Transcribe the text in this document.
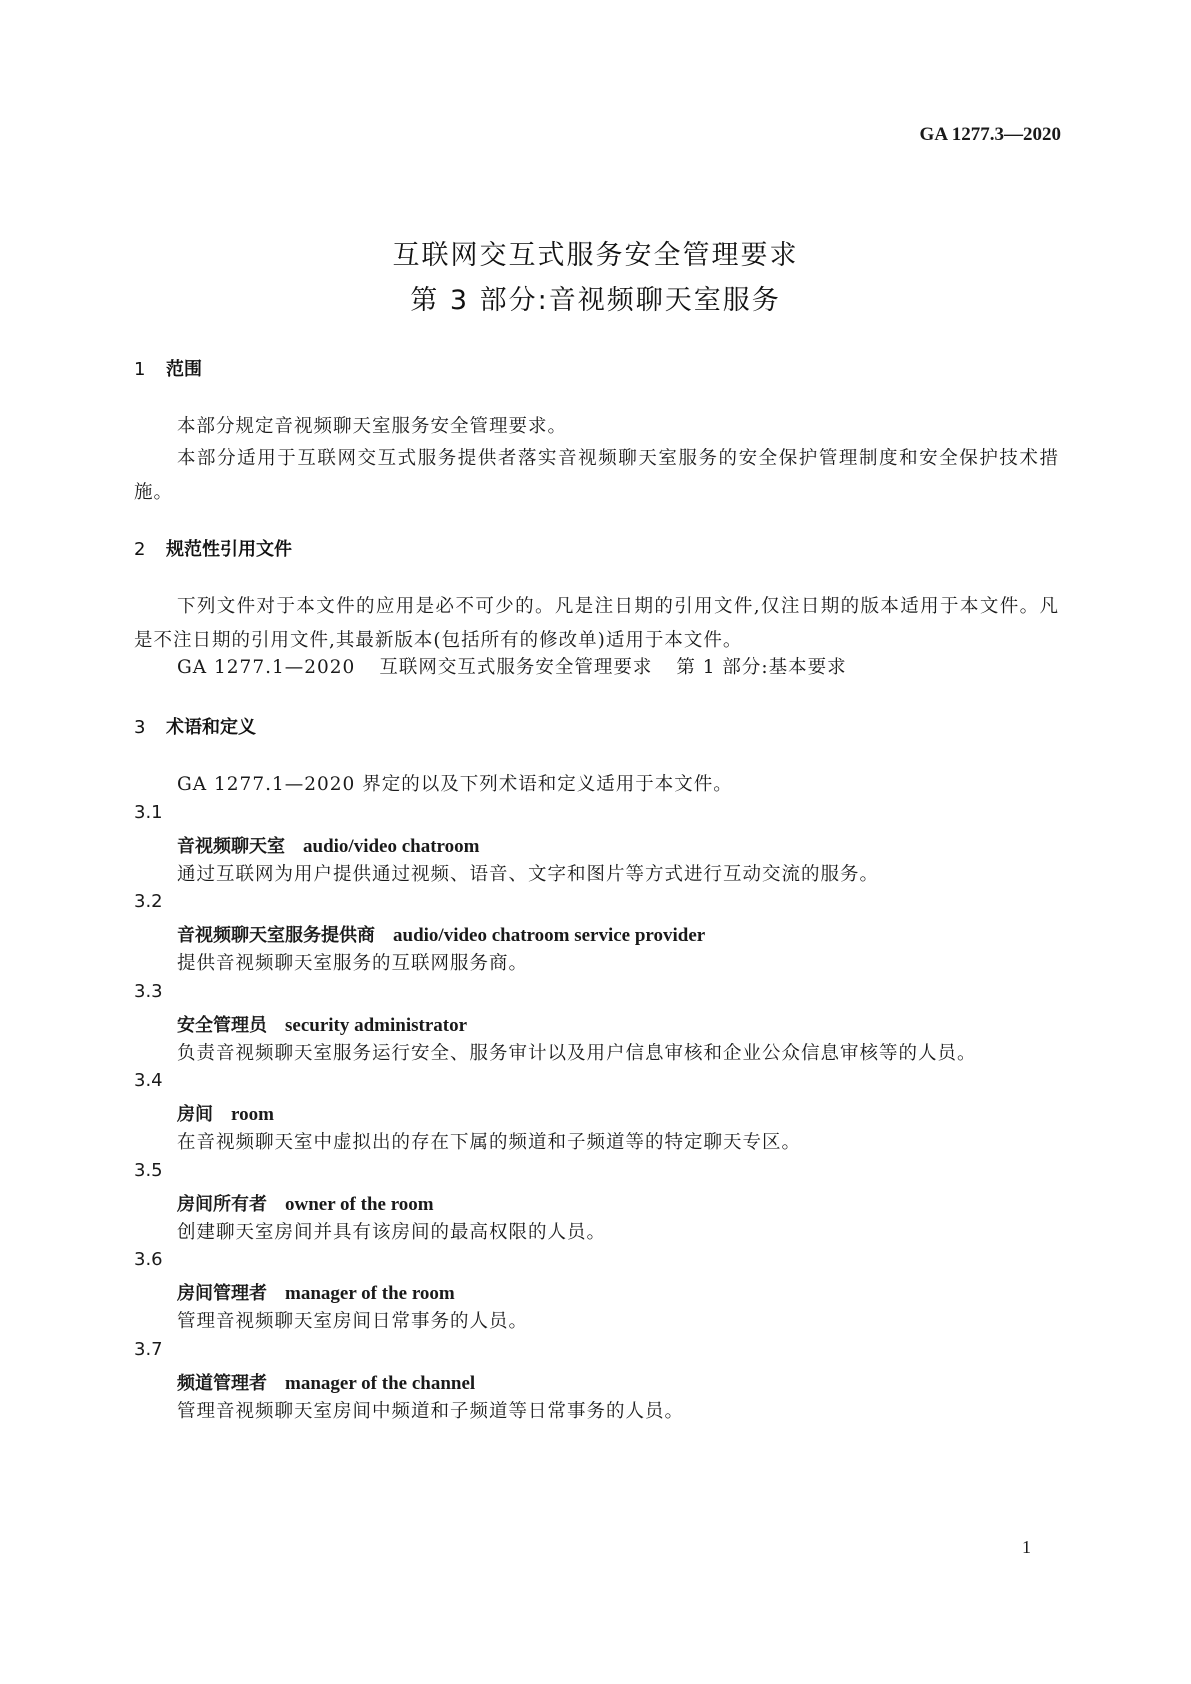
GA 1277.3—2020
互联网交互式服务安全管理要求
第 3 部分:音视频聊天室服务
1 范围
本部分规定音视频聊天室服务安全管理要求。
本部分适用于互联网交互式服务提供者落实音视频聊天室服务的安全保护管理制度和安全保护技术措施。
2 规范性引用文件
下列文件对于本文件的应用是必不可少的。凡是注日期的引用文件,仅注日期的版本适用于本文件。凡是不注日期的引用文件,其最新版本(包括所有的修改单)适用于本文件。
GA 1277.1—2020 互联网交互式服务安全管理要求 第 1 部分:基本要求
3 术语和定义
GA 1277.1—2020 界定的以及下列术语和定义适用于本文件。
3.1
音视频聊天室 audio/video chatroom
通过互联网为用户提供通过视频、语音、文字和图片等方式进行互动交流的服务。
3.2
音视频聊天室服务提供商 audio/video chatroom service provider
提供音视频聊天室服务的互联网服务商。
3.3
安全管理员 security administrator
负责音视频聊天室服务运行安全、服务审计以及用户信息审核和企业公众信息审核等的人员。
3.4
房间 room
在音视频聊天室中虚拟出的存在下属的频道和子频道等的特定聊天专区。
3.5
房间所有者 owner of the room
创建聊天室房间并具有该房间的最高权限的人员。
3.6
房间管理者 manager of the room
管理音视频聊天室房间日常事务的人员。
3.7
频道管理者 manager of the channel
管理音视频聊天室房间中频道和子频道等日常事务的人员。
1
